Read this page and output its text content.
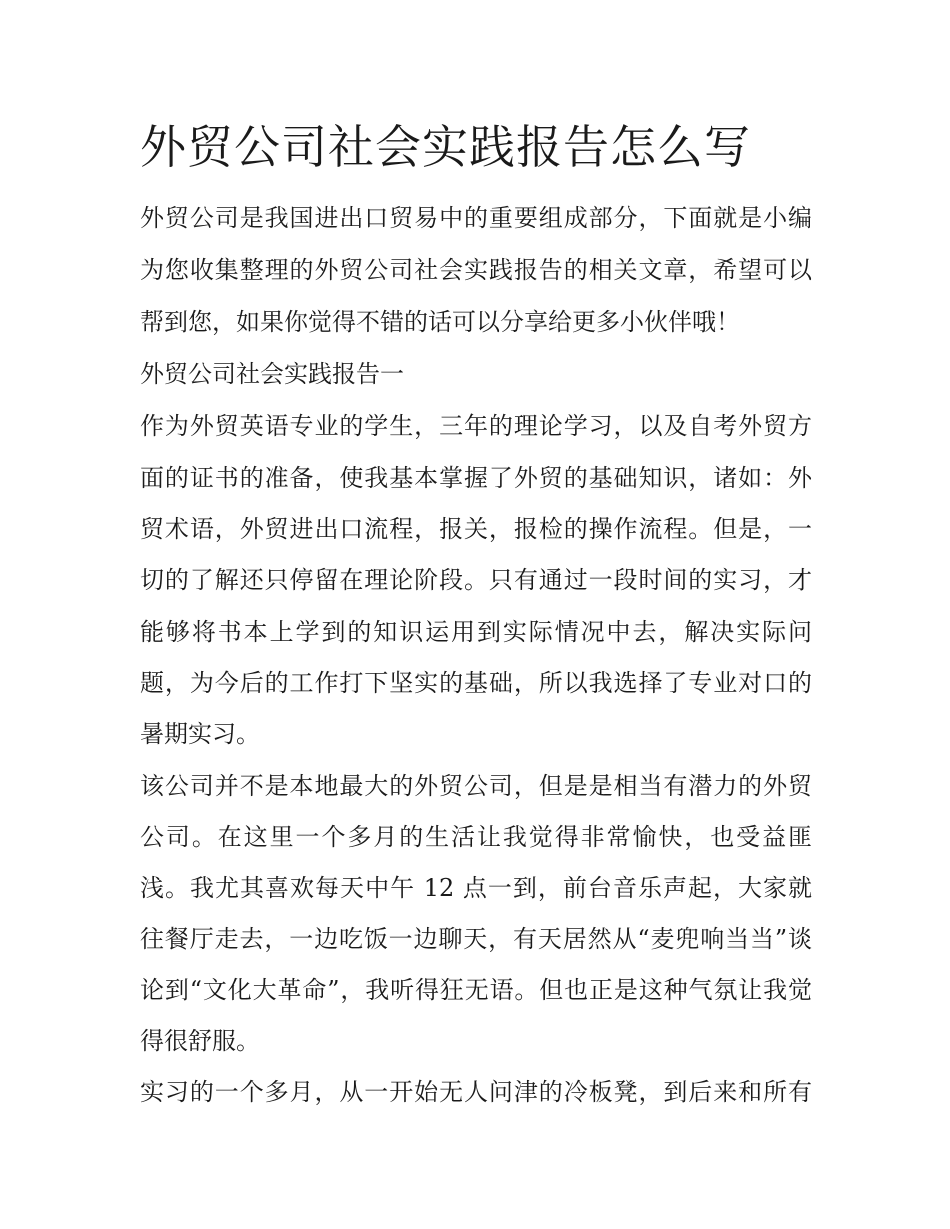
外贸公司社会实践报告怎么写

外贸公司是我国进出口贸易中的重要组成部分，下面就是小编

为您收集整理的外贸公司社会实践报告的相关文章，希望可以

帮到您，如果你觉得不错的话可以分享给更多小伙伴哦！

外贸公司社会实践报告一

作为外贸英语专业的学生，三年的理论学习，以及自考外贸方

面的证书的准备，使我基本掌握了外贸的基础知识，诸如：外

贸术语，外贸进出口流程，报关，报检的操作流程。但是，一

切的了解还只停留在理论阶段。只有通过一段时间的实习，才

能够将书本上学到的知识运用到实际情况中去，解决实际问

题，为今后的工作打下坚实的基础，所以我选择了专业对口的

暑期实习。

该公司并不是本地最大的外贸公司，但是是相当有潜力的外贸

公司。在这里一个多月的生活让我觉得非常愉快，也受益匪

浅。我尤其喜欢每天中午 12 点一到，前台音乐声起，大家就

往餐厅走去，一边吃饭一边聊天，有天居然从“麦兜响当当”谈

论到“文化大革命”，我听得狂无语。但也正是这种气氛让我觉

得很舒服。

实习的一个多月，从一开始无人问津的冷板凳，到后来和所有
